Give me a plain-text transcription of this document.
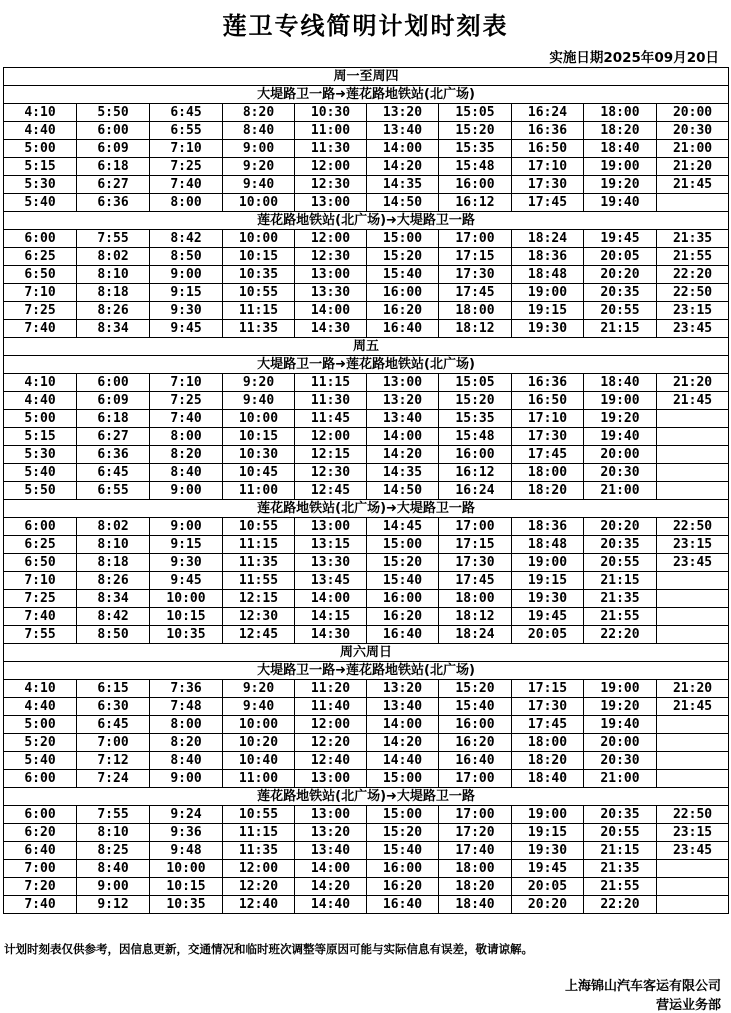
莲卫专线简明计划时刻表
实施日期2025年09月20日
周一至周四									
大堤路卫一路➜莲花路地铁站(北广场)									
4:10	5:50	6:45	8:20	10:30	13:20	15:05	16:24	18:00	20:00
4:40	6:00	6:55	8:40	11:00	13:40	15:20	16:36	18:20	20:30
5:00	6:09	7:10	9:00	11:30	14:00	15:35	16:50	18:40	21:00
5:15	6:18	7:25	9:20	12:00	14:20	15:48	17:10	19:00	21:20
5:30	6:27	7:40	9:40	12:30	14:35	16:00	17:30	19:20	21:45
5:40	6:36	8:00	10:00	13:00	14:50	16:12	17:45	19:40	
莲花路地铁站(北广场)➜大堤路卫一路									
6:00	7:55	8:42	10:00	12:00	15:00	17:00	18:24	19:45	21:35
6:25	8:02	8:50	10:15	12:30	15:20	17:15	18:36	20:05	21:55
6:50	8:10	9:00	10:35	13:00	15:40	17:30	18:48	20:20	22:20
7:10	8:18	9:15	10:55	13:30	16:00	17:45	19:00	20:35	22:50
7:25	8:26	9:30	11:15	14:00	16:20	18:00	19:15	20:55	23:15
7:40	8:34	9:45	11:35	14:30	16:40	18:12	19:30	21:15	23:45
周五									
大堤路卫一路➜莲花路地铁站(北广场)									
4:10	6:00	7:10	9:20	11:15	13:00	15:05	16:36	18:40	21:20
4:40	6:09	7:25	9:40	11:30	13:20	15:20	16:50	19:00	21:45
5:00	6:18	7:40	10:00	11:45	13:40	15:35	17:10	19:20	
5:15	6:27	8:00	10:15	12:00	14:00	15:48	17:30	19:40	
5:30	6:36	8:20	10:30	12:15	14:20	16:00	17:45	20:00	
5:40	6:45	8:40	10:45	12:30	14:35	16:12	18:00	20:30	
5:50	6:55	9:00	11:00	12:45	14:50	16:24	18:20	21:00	
莲花路地铁站(北广场)➜大堤路卫一路									
6:00	8:02	9:00	10:55	13:00	14:45	17:00	18:36	20:20	22:50
6:25	8:10	9:15	11:15	13:15	15:00	17:15	18:48	20:35	23:15
6:50	8:18	9:30	11:35	13:30	15:20	17:30	19:00	20:55	23:45
7:10	8:26	9:45	11:55	13:45	15:40	17:45	19:15	21:15	
7:25	8:34	10:00	12:15	14:00	16:00	18:00	19:30	21:35	
7:40	8:42	10:15	12:30	14:15	16:20	18:12	19:45	21:55	
7:55	8:50	10:35	12:45	14:30	16:40	18:24	20:05	22:20	
周六周日									
大堤路卫一路➜莲花路地铁站(北广场)									
4:10	6:15	7:36	9:20	11:20	13:20	15:20	17:15	19:00	21:20
4:40	6:30	7:48	9:40	11:40	13:40	15:40	17:30	19:20	21:45
5:00	6:45	8:00	10:00	12:00	14:00	16:00	17:45	19:40	
5:20	7:00	8:20	10:20	12:20	14:20	16:20	18:00	20:00	
5:40	7:12	8:40	10:40	12:40	14:40	16:40	18:20	20:30	
6:00	7:24	9:00	11:00	13:00	15:00	17:00	18:40	21:00	
莲花路地铁站(北广场)➜大堤路卫一路									
6:00	7:55	9:24	10:55	13:00	15:00	17:00	19:00	20:35	22:50
6:20	8:10	9:36	11:15	13:20	15:20	17:20	19:15	20:55	23:15
6:40	8:25	9:48	11:35	13:40	15:40	17:40	19:30	21:15	23:45
7:00	8:40	10:00	12:00	14:00	16:00	18:00	19:45	21:35	
7:20	9:00	10:15	12:20	14:20	16:20	18:20	20:05	21:55	
7:40	9:12	10:35	12:40	14:40	16:40	18:40	20:20	22:20	
计划时刻表仅供参考，因信息更新，交通情况和临时班次调整等原因可能与实际信息有误差，敬请谅解。
上海锦山汽车客运有限公司
营运业务部
